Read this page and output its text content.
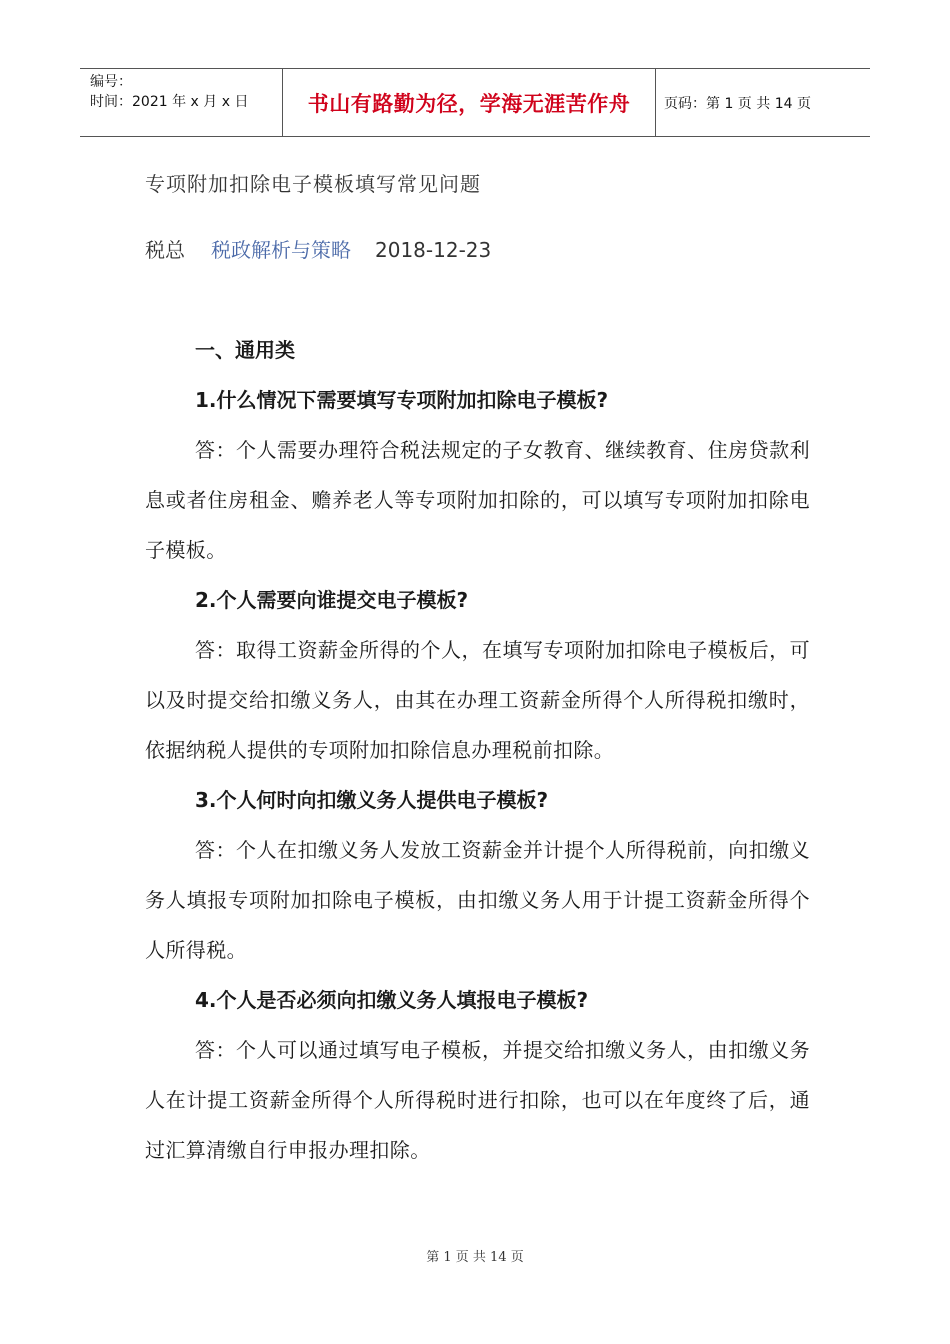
编号：
时间：2021 年 x 月 x 日	书山有路勤为径，学海无涯苦作舟 页码：第 1 页 共 14 页
专项附加扣除电子模板填写常见问题
税总 税政解析与策略 2018-12-23

一、通用类

1.什么情况下需要填写专项附加扣除电子模板?

答：个人需要办理符合税法规定的子女教育、继续教育、住房贷款利息或者住房租金、赡养老人等专项附加扣除的，可以填写专项附加扣除电子模板。

2.个人需要向谁提交电子模板?

答：取得工资薪金所得的个人，在填写专项附加扣除电子模板后，可以及时提交给扣缴义务人，由其在办理工资薪金所得个人所得税扣缴时，依据纳税人提供的专项附加扣除信息办理税前扣除。

3.个人何时向扣缴义务人提供电子模板?

答：个人在扣缴义务人发放工资薪金并计提个人所得税前，向扣缴义务人填报专项附加扣除电子模板，由扣缴义务人用于计提工资薪金所得个人所得税。

4.个人是否必须向扣缴义务人填报电子模板?

答：个人可以通过填写电子模板，并提交给扣缴义务人，由扣缴义务人在计提工资薪金所得个人所得税时进行扣除，也可以在年度终了后，通过汇算清缴自行申报办理扣除。

第 1 页 共 14 页
